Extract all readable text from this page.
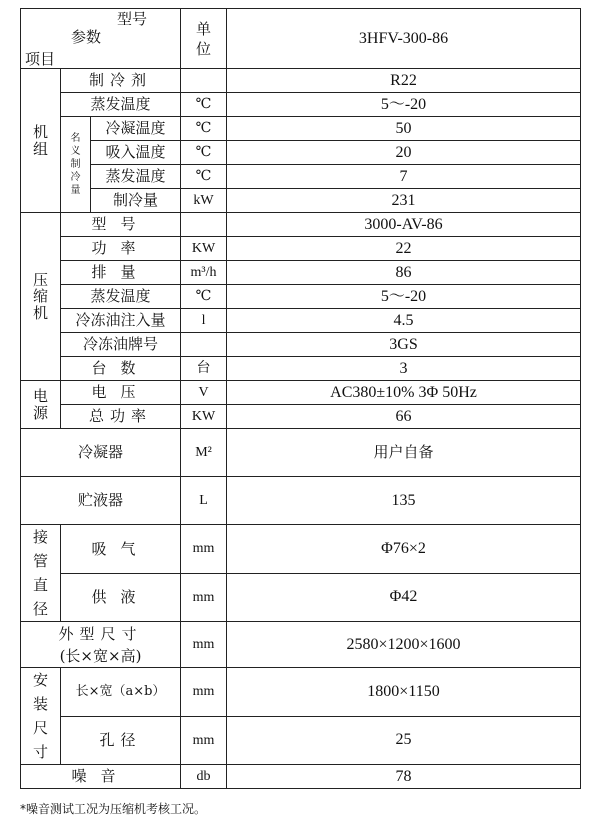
型号
参数
项目			单位	3HFV-300-86
机组	制冷剂			R22
	蒸发温度		℃	5～-20
	名义制冷量	冷凝温度	℃	50
		吸入温度	℃	20
		蒸发温度	℃	7
		制冷量	kW	231
压缩机	型号			3000-AV-86
	功率		KW	22
	排量		m³/h	86
	蒸发温度		℃	5～-20
	冷冻油注入量		l	4.5
	冷冻油牌号			3GS
	台数		台	3
电源	电压		V	AC380±10% 3Φ 50Hz
	总功率		KW	66
冷凝器			M²	用户自备
贮液器			L	135
接管直径	吸气		mm	Φ76×2
	供液		mm	Φ42

外型尺寸
(长×宽×高)			mm	2580×1200×1600
安装尺寸	长×宽（a×b）		mm	1800×1150
	孔径		mm	25
噪音			db	78
*噪音测试工况为压缩机考核工况。
